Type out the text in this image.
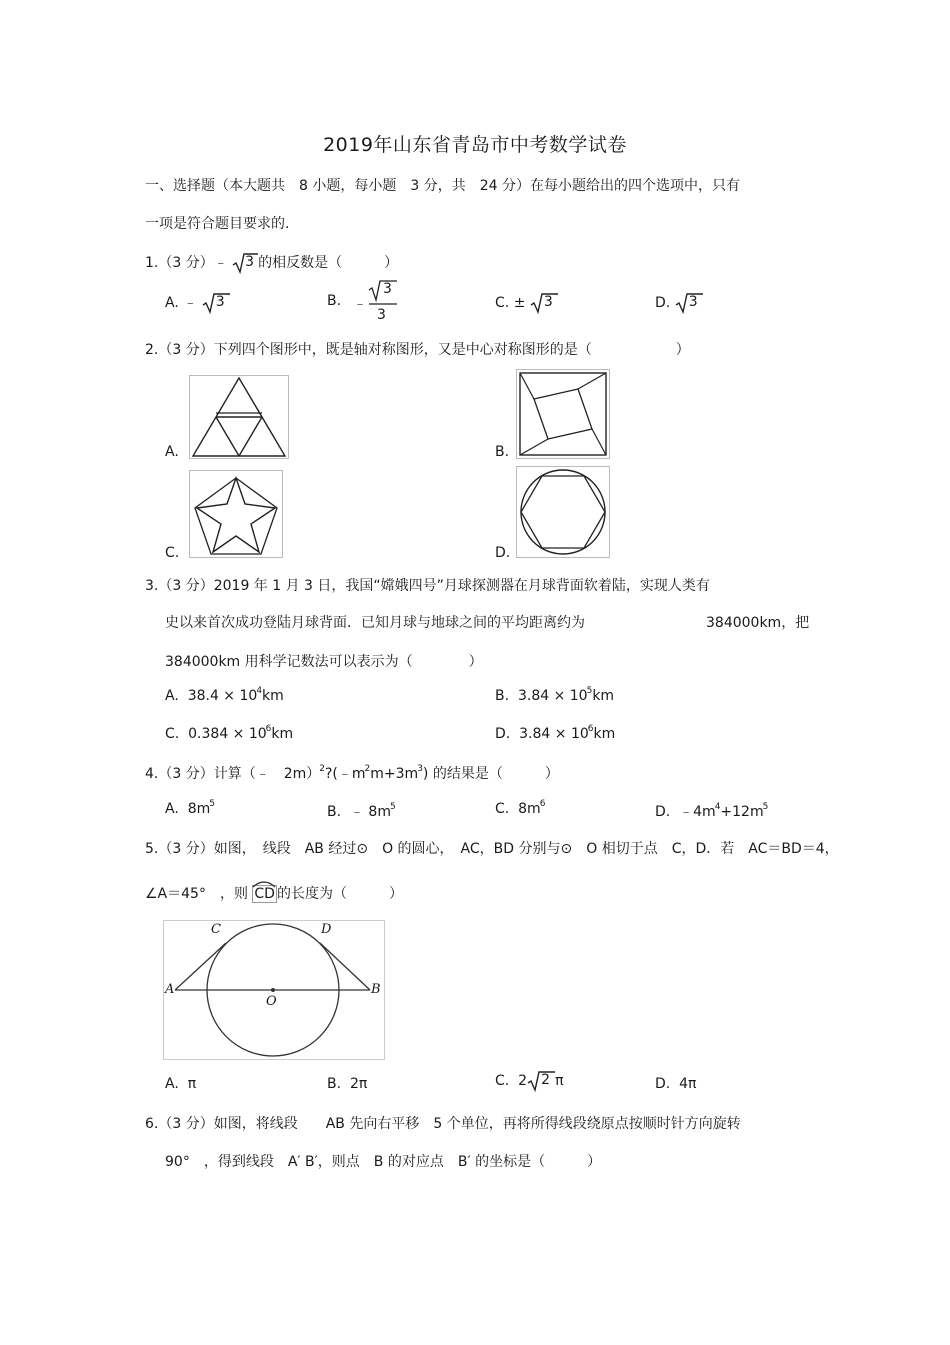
2019年山东省青岛市中考数学试卷
一、选择题（本大题共　8 小题，每小题　3 分，共　24 分）在每小题给出的四个选项中，只有
一项是符合题目要求的.
1.（3 分）﹣ 3 的相反数是（　　　）
A. ﹣ 3	B. ﹣
3
3
C. ± 3	D. 3
2.（3 分）下列四个图形中，既是轴对称图形，又是中心对称图形的是（　　　　　　）
A.	B.
C.	D.
3.（3 分）2019 年 1 月 3 日，我国“嫦娥四号”月球探测器在月球背面软着陆，实现人类有
史以来首次成功登陆月球背面．已知月球与地球之间的平均距离约为	384000km，把
384000km 用科学记数法可以表示为（　　　　）
A. $38.4 \times 10^4km$	B. $3.84 \times 10^5km$
C. $0.384 \times 10^6km$	D. $3.84 \times 10^6km$
4.（3 分）计算（﹣　$2m)^2?(﹣m^2m+3m^3)$ 的结果是（　　　）
A. $8m^5$	B. ﹣ $8m^5$	C. $8m^6$	D. $﹣4m^4+12m^5$
5.（3 分）如图，　线段　AB 经过⊙　O 的圆心，　AC，BD 分别与⊙　O 相切于点　C，D．若　AC＝BD＝4，
∠A＝45°　，则 CD 的长度为（　　　）
A	B
C	D
O
A. π	B. 2π	C. 2 2 π	D. 4π
6.（3 分）如图，将线段　　AB 先向右平移　5 个单位，再将所得线段绕原点按顺时针方向旋转
90°　，得到线段　A′ B′，则点　B 的对应点　B′ 的坐标是（　　　）
